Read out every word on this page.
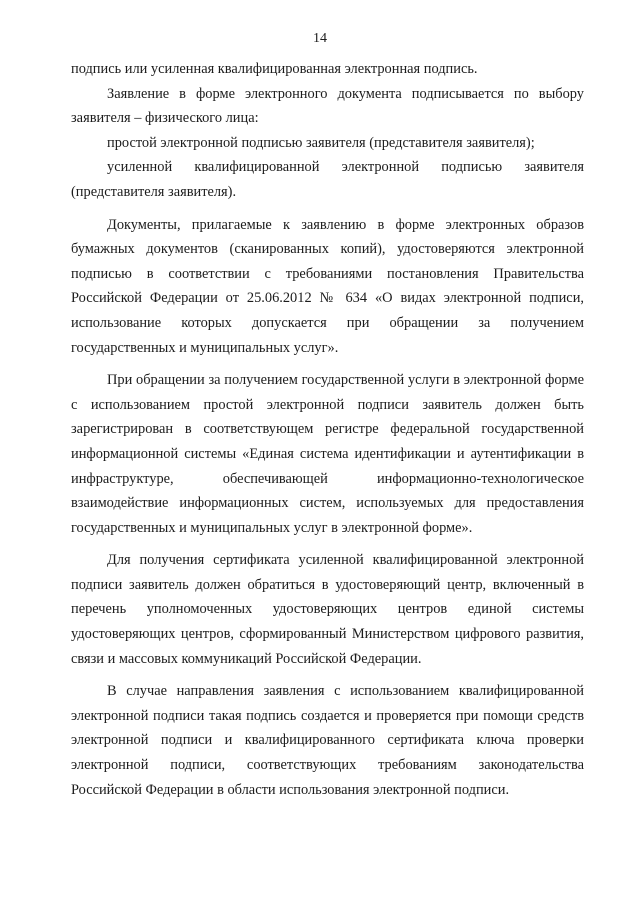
14

подпись или усиленная квалифицированная электронная подпись.

Заявление в форме электронного документа подписывается по выбору заявителя – физического лица:

простой электронной подписью заявителя (представителя заявителя);

усиленной квалифицированной электронной подписью заявителя

(представителя заявителя).

Документы, прилагаемые к заявлению в форме электронных образов бумажных документов (сканированных копий), удостоверяются электронной подписью в соответствии с требованиями постановления Правительства Российской Федерации от 25.06.2012 № 634 «О видах электронной подписи, использование которых допускается при обращении за получением государственных и муниципальных услуг».

При обращении за получением государственной услуги в электронной форме с использованием простой электронной подписи заявитель должен быть зарегистрирован в соответствующем регистре федеральной государственной информационной системы «Единая система идентификации и аутентификации в инфраструктуре, обеспечивающей информационно-технологическое взаимодействие информационных систем, используемых для предоставления государственных и муниципальных услуг в электронной форме».

Для получения сертификата усиленной квалифицированной электронной подписи заявитель должен обратиться в удостоверяющий центр, включенный в перечень уполномоченных удостоверяющих центров единой системы удостоверяющих центров, сформированный Министерством цифрового развития, связи и массовых коммуникаций Российской Федерации.

В случае направления заявления с использованием квалифицированной электронной подписи такая подпись создается и проверяется при помощи средств электронной подписи и квалифицированного сертификата ключа проверки электронной подписи, соответствующих требованиям законодательства Российской Федерации в области использования электронной подписи.
